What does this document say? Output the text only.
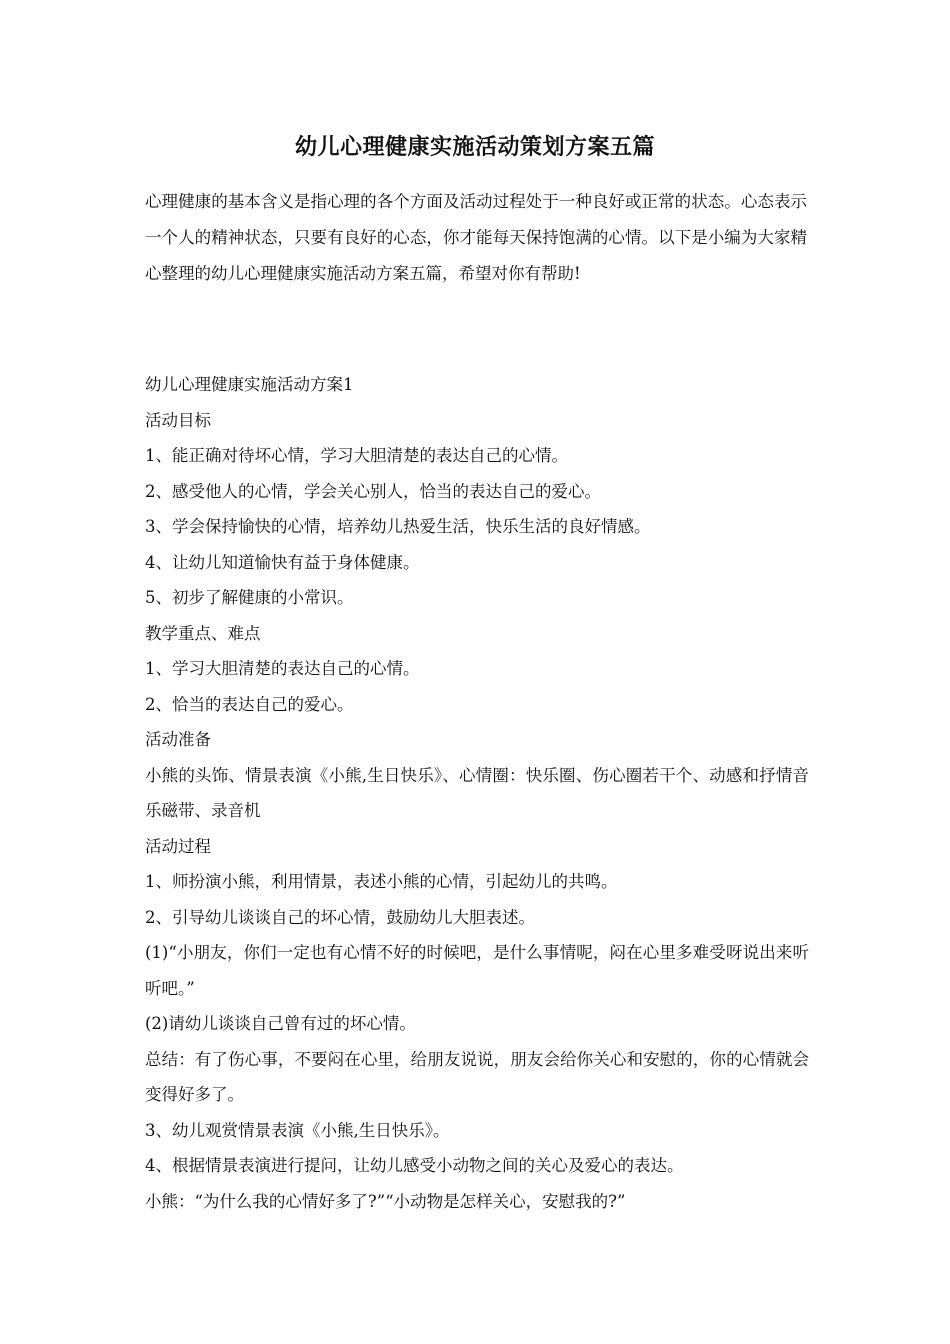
幼儿心理健康实施活动策划方案五篇

心理健康的基本含义是指心理的各个方面及活动过程处于一种良好或正常的状态。心态表示一个人的精神状态，只要有良好的心态，你才能每天保持饱满的心情。以下是小编为大家精心整理的幼儿心理健康实施活动方案五篇，希望对你有帮助!

幼儿心理健康实施活动方案1

活动目标

1、能正确对待坏心情，学习大胆清楚的表达自己的心情。

2、感受他人的心情，学会关心别人，恰当的表达自己的爱心。

3、学会保持愉快的心情，培养幼儿热爱生活，快乐生活的良好情感。

4、让幼儿知道愉快有益于身体健康。

5、初步了解健康的小常识。

教学重点、难点

1、学习大胆清楚的表达自己的心情。

2、恰当的表达自己的爱心。

活动准备

小熊的头饰、情景表演《小熊,生日快乐》、心情圈：快乐圈、伤心圈若干个、动感和抒情音乐磁带、录音机

活动过程

1、师扮演小熊，利用情景，表述小熊的心情，引起幼儿的共鸣。

2、引导幼儿谈谈自己的坏心情，鼓励幼儿大胆表述。

(1)“小朋友，你们一定也有心情不好的时候吧，是什么事情呢，闷在心里多难受呀说出来听听吧。”

(2)请幼儿谈谈自己曾有过的坏心情。

总结：有了伤心事，不要闷在心里，给朋友说说，朋友会给你关心和安慰的，你的心情就会变得好多了。

3、幼儿观赏情景表演《小熊,生日快乐》。

4、根据情景表演进行提问，让幼儿感受小动物之间的关心及爱心的表达。

小熊：“为什么我的心情好多了?”“小动物是怎样关心，安慰我的?”
